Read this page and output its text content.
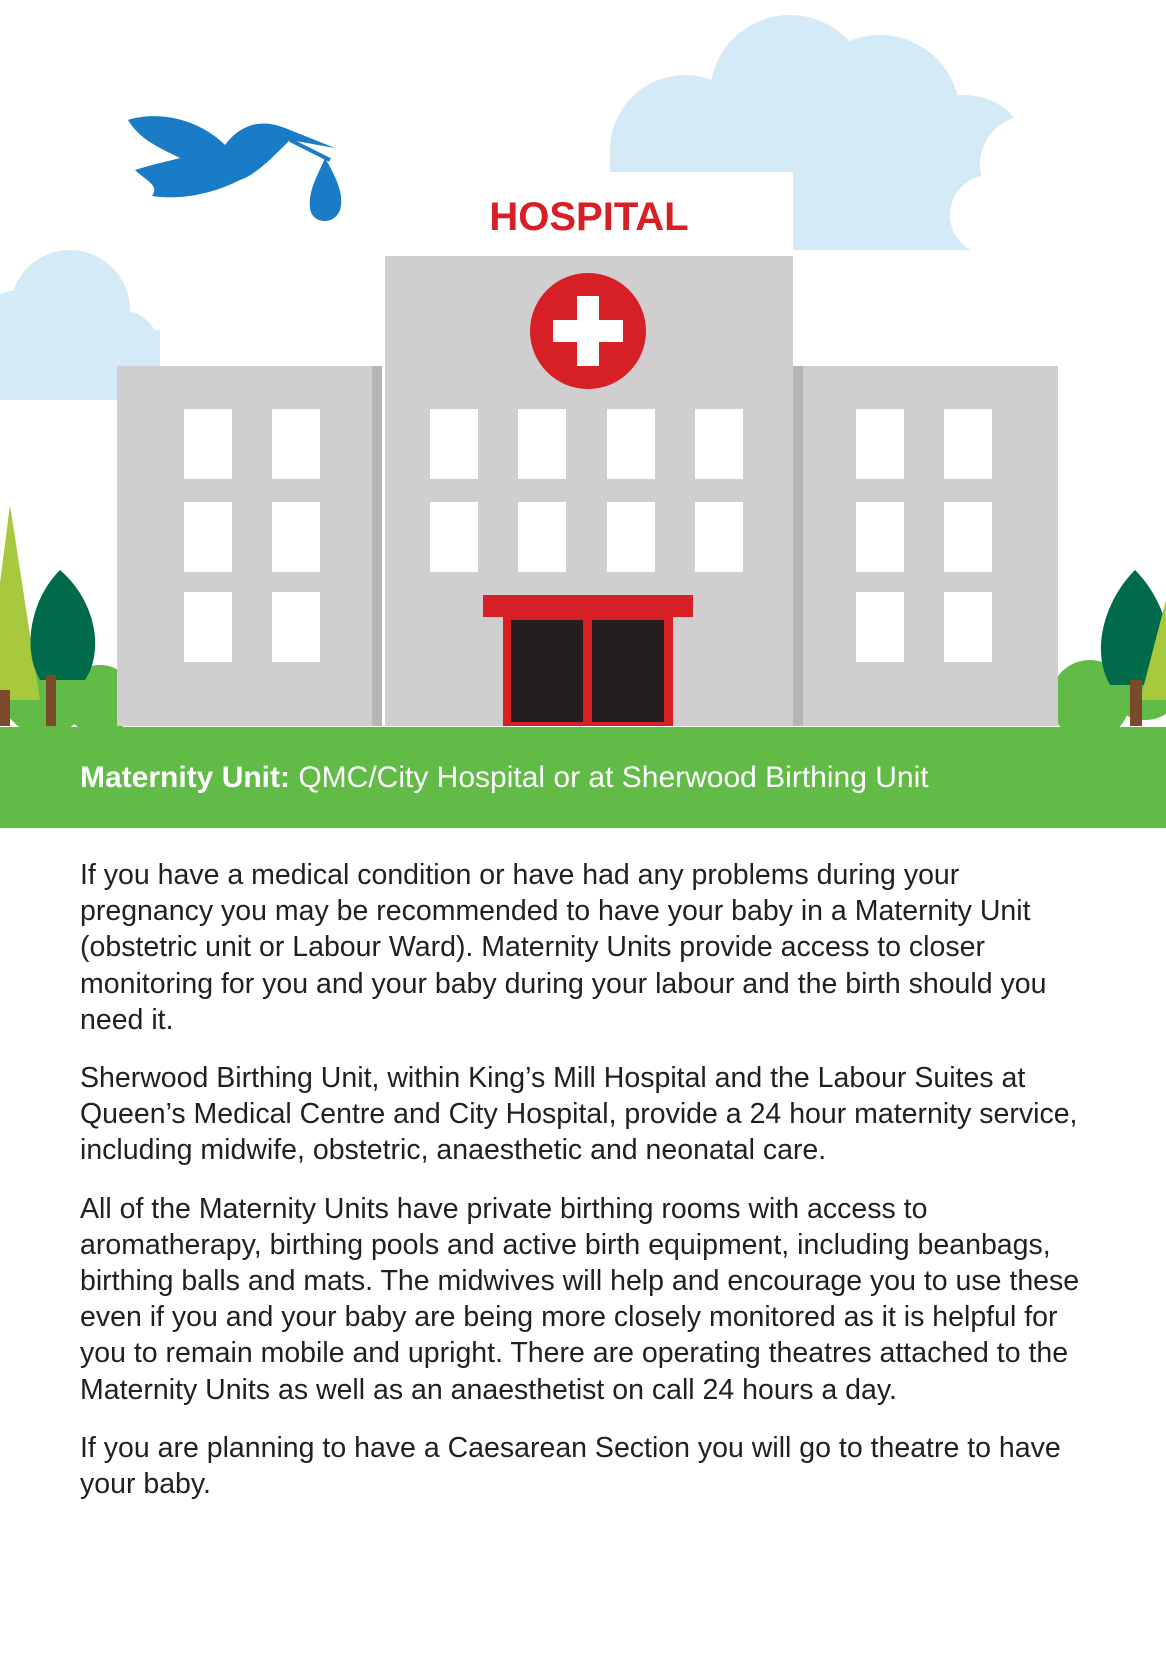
HOSPITAL
Maternity Unit: QMC/City Hospital or at Sherwood Birthing Unit

If you have a medical condition or have had any problems during your pregnancy you may be recommended to have your baby in a Maternity Unit (obstetric unit or Labour Ward). Maternity Units provide access to closer monitoring for you and your baby during your labour and the birth should you need it.

Sherwood Birthing Unit, within King’s Mill Hospital and the Labour Suites at Queen’s Medical Centre and City Hospital, provide a 24 hour maternity service, including midwife, obstetric, anaesthetic and neonatal care.

All of the Maternity Units have private birthing rooms with access to aromatherapy, birthing pools and active birth equipment, including beanbags, birthing balls and mats. The midwives will help and encourage you to use these even if you and your baby are being more closely monitored as it is helpful for you to remain mobile and upright. There are operating theatres attached to the Maternity Units as well as an anaesthetist on call 24 hours a day.

If you are planning to have a Caesarean Section you will go to theatre to have your baby.
